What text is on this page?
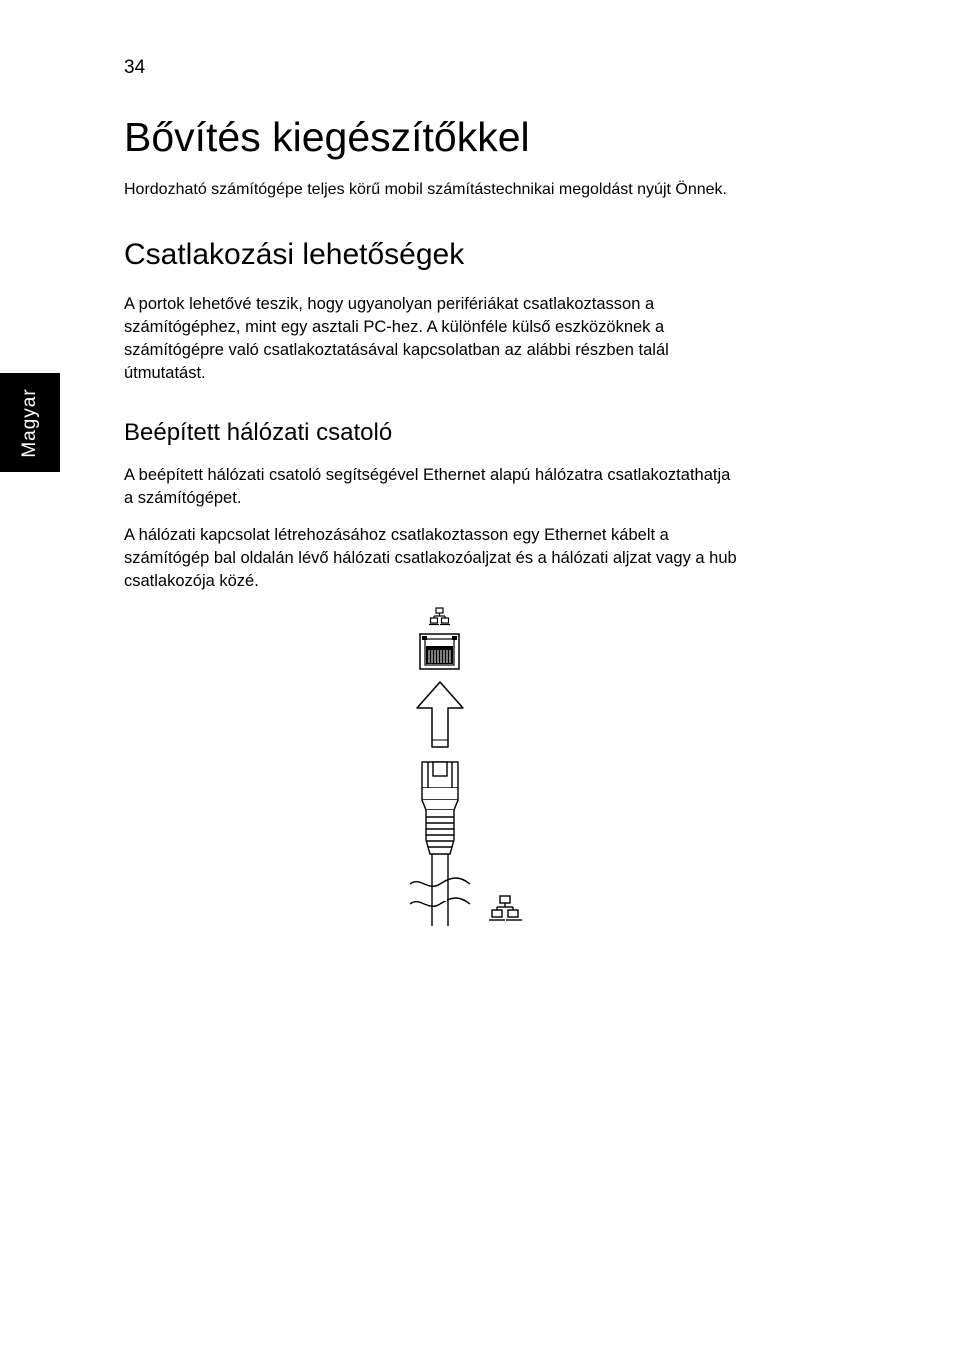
34
Magyar
Bővítés kiegészítőkkel

Hordozható számítógépe teljes körű mobil számítástechnikai megoldást nyújt Önnek.

Csatlakozási lehetőségek

A portok lehetővé teszik, hogy ugyanolyan perifériákat csatlakoztasson a
számítógéphez, mint egy asztali PC-hez. A különféle külső eszközöknek a
számítógépre való csatlakoztatásával kapcsolatban az alábbi részben talál
útmutatást.

Beépített hálózati csatoló

A beépített hálózati csatoló segítségével Ethernet alapú hálózatra csatlakoztathatja
a számítógépet.

A hálózati kapcsolat létrehozásához csatlakoztasson egy Ethernet kábelt a
számítógép bal oldalán lévő hálózati csatlakozóaljzat és a hálózati aljzat vagy a hub
csatlakozója közé.
